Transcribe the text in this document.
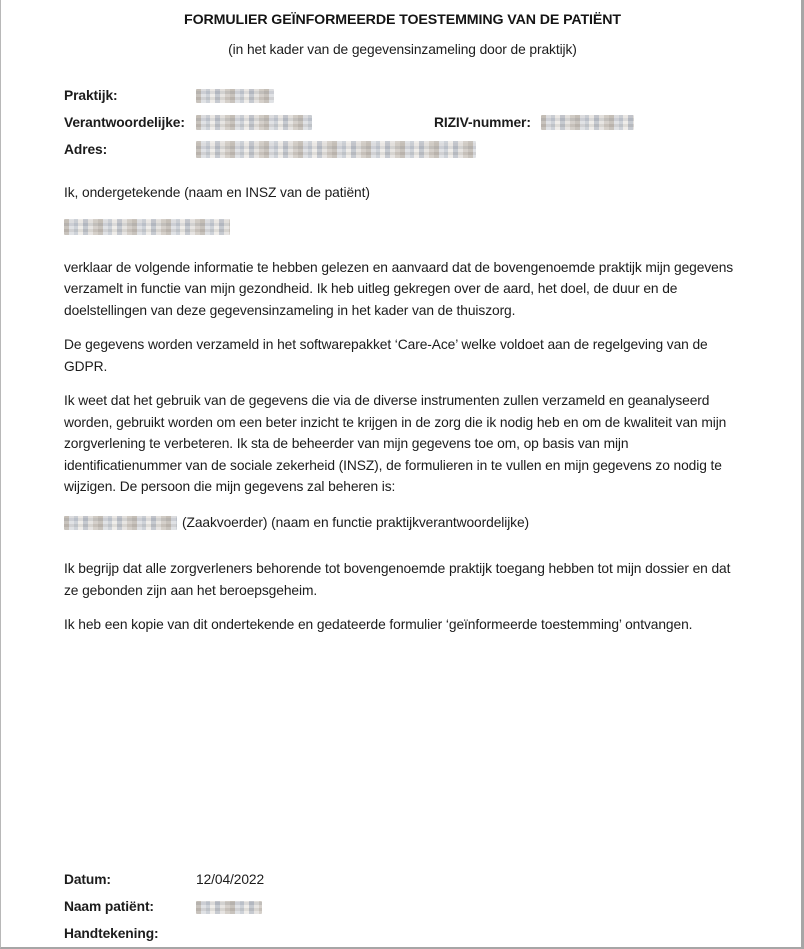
FORMULIER GEÏNFORMEERDE TOESTEMMING VAN DE PATIËNT
(in het kader van de gegevensinzameling door de praktijk)
Praktijk:
Verantwoordelijke:	RIZIV-nummer:
Adres:

Ik, ondergetekende (naam en INSZ van de patiënt)

verklaar de volgende informatie te hebben gelezen en aanvaard dat de bovengenoemde praktijk mijn gegevens verzamelt in functie van mijn gezondheid. Ik heb uitleg gekregen over de aard, het doel, de duur en de doelstellingen van deze gegevensinzameling in het kader van de thuiszorg.

De gegevens worden verzameld in het softwarepakket ‘Care-Ace’ welke voldoet aan de regelgeving van de GDPR.

Ik weet dat het gebruik van de gegevens die via de diverse instrumenten zullen verzameld en geanalyseerd worden, gebruikt worden om een beter inzicht te krijgen in de zorg die ik nodig heb en om de kwaliteit van mijn zorgverlening te verbeteren. Ik sta de beheerder van mijn gegevens toe om, op basis van mijn identificatienummer van de sociale zekerheid (INSZ), de formulieren in te vullen en mijn gegevens zo nodig te wijzigen. De persoon die mijn gegevens zal beheren is:

(Zaakvoerder) (naam en functie praktijkverantwoordelijke)

Ik begrijp dat alle zorgverleners behorende tot bovengenoemde praktijk toegang hebben tot mijn dossier en dat ze gebonden zijn aan het beroepsgeheim.

Ik heb een kopie van dit ondertekende en gedateerde formulier ‘geïnformeerde toestemming’ ontvangen.

Datum:	12/04/2022
Naam patiënt:
Handtekening:
